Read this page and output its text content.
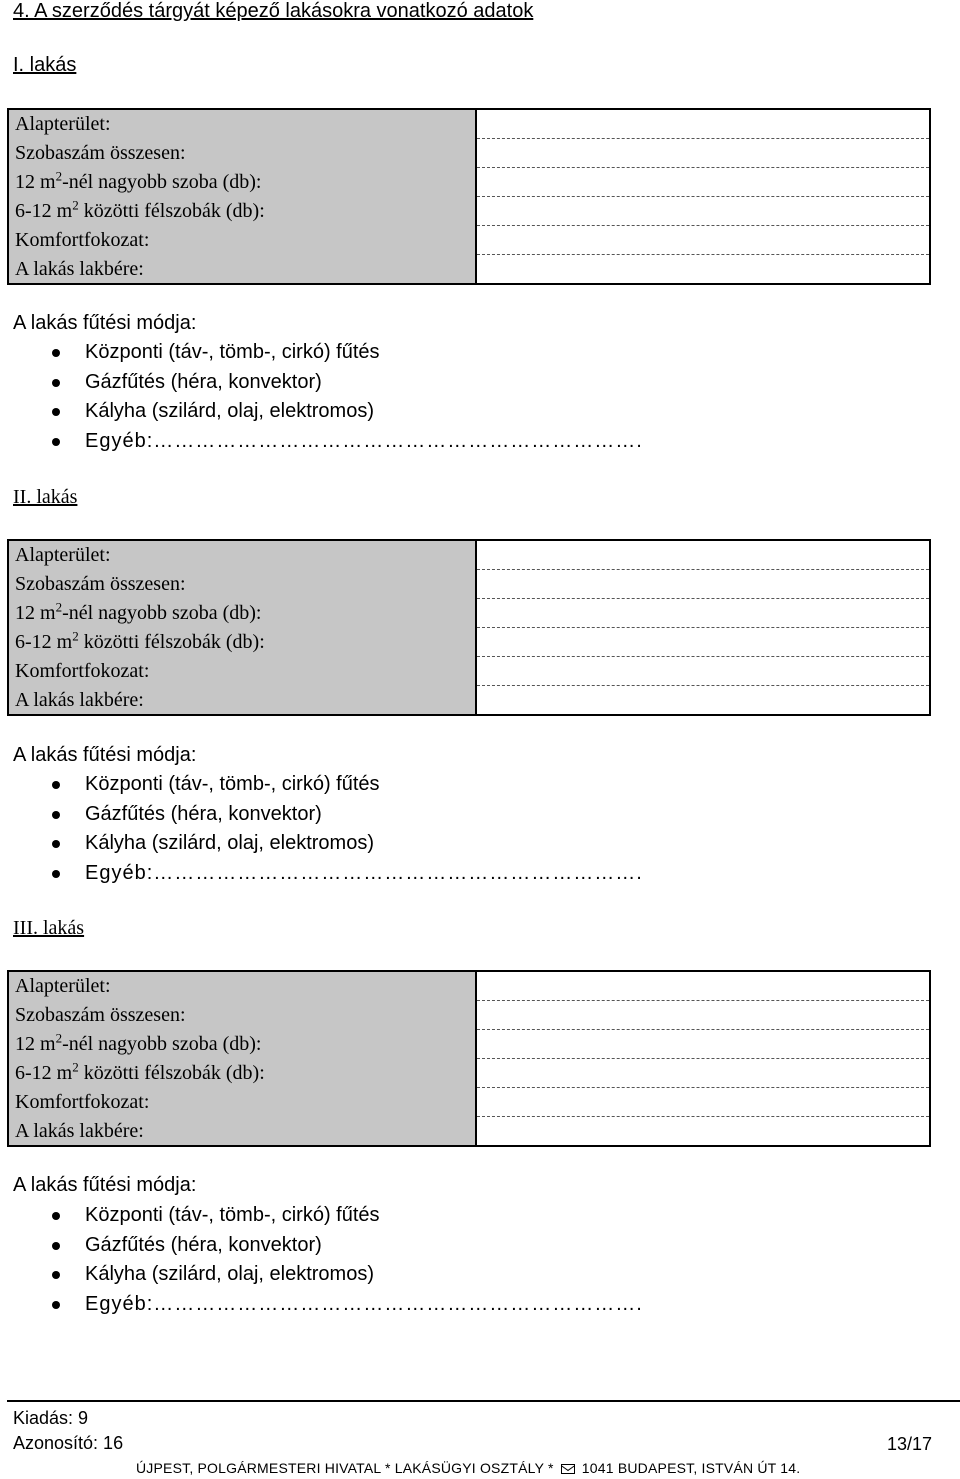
4. A szerződés tárgyát képező lakásokra vonatkozó adatok
I. lakás
Alapterület:	
Szobaszám összesen:	
12 $m^2$-nél nagyobb szoba (db):	
6-12 $m^2$ közötti félszobák (db):	
Komfortfokozat:	
A lakás lakbére:	
A lakás fűtési módja:
Központi (táv-, tömb-, cirkó) fűtés
Gázfűtés (héra, konvektor)
Kályha (szilárd, olaj, elektromos)
Egyéb:…………………………………………………………….
II. lakás
Alapterület:	
Szobaszám összesen:	
12 $m^2$-nél nagyobb szoba (db):	
6-12 $m^2$ közötti félszobák (db):	
Komfortfokozat:	
A lakás lakbére:	
A lakás fűtési módja:
Központi (táv-, tömb-, cirkó) fűtés
Gázfűtés (héra, konvektor)
Kályha (szilárd, olaj, elektromos)
Egyéb:…………………………………………………………….
III. lakás
Alapterület:	
Szobaszám összesen:	
12 $m^2$-nél nagyobb szoba (db):	
6-12 $m^2$ közötti félszobák (db):	
Komfortfokozat:	
A lakás lakbére:	
A lakás fűtési módja:
Központi (táv-, tömb-, cirkó) fűtés
Gázfűtés (héra, konvektor)
Kályha (szilárd, olaj, elektromos)
Egyéb:…………………………………………………………….
Kiadás: 9
Azonosító: 16	13/17
ÚJPEST, POLGÁRMESTERI HIVATAL * LAKÁSÜGYI OSZTÁLY * 1041 BUDAPEST, ISTVÁN ÚT 14.
